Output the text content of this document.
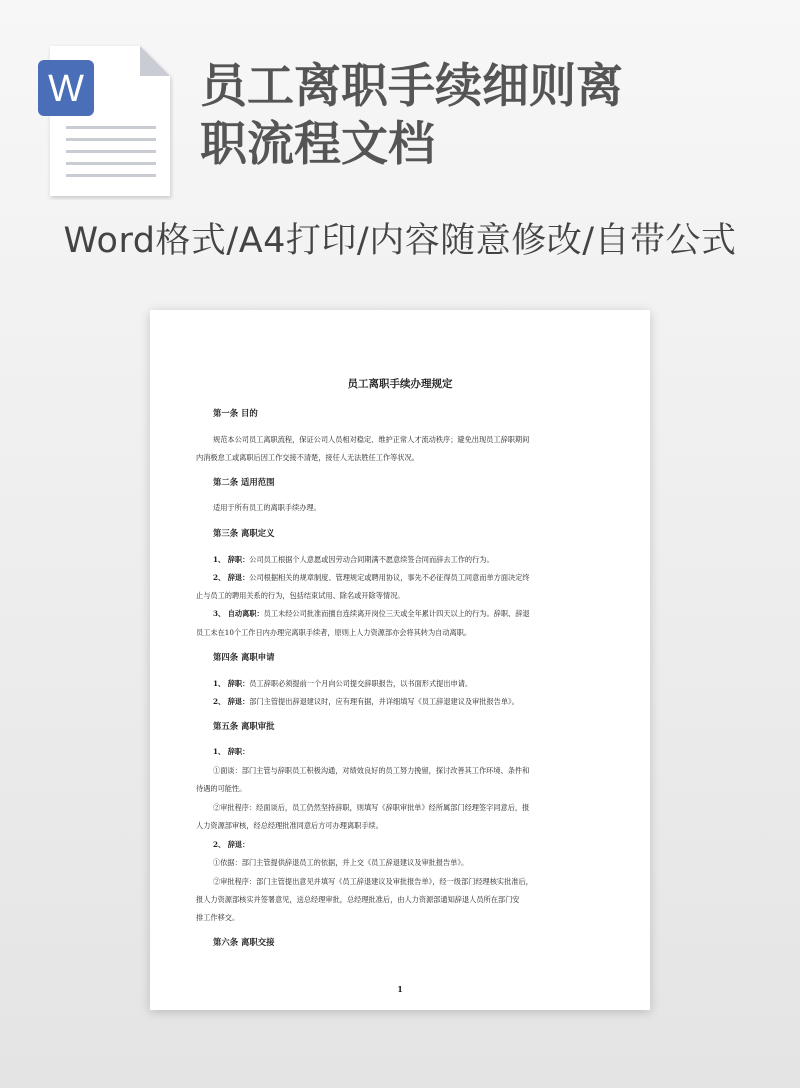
W 员工离职手续细则离
职流程文档
Word格式/A4打印/内容随意修改/自带公式
员工离职手续办理规定
第一条 目的
规范本公司员工离职流程，保证公司人员相对稳定、维护正常人才流动秩序；避免出现员工辞职期间
内消极怠工或离职后因工作交接不清楚，接任人无法胜任工作等状况。
第二条 适用范围
适用于所有员工的离职手续办理。
第三条 离职定义
1、 辞职：公司员工根据个人意愿或因劳动合同期满不愿意续签合同而辞去工作的行为。
2、 辞退：公司根据相关的规章制度、管理规定或聘用协议，事先不必征得员工同意而单方面决定终
止与员工的聘用关系的行为，包括结束试用、除名或开除等情况。
3、 自动离职：员工未经公司批准而擅自连续离开岗位三天或全年累计四天以上的行为。辞职、辞退
员工未在10个工作日内办理完离职手续者，原则上人力资源部亦会将其转为自动离职。
第四条 离职申请
1、 辞职：员工辞职必须提前一个月向公司提交辞职报告，以书面形式提出申请。
2、 辞退：部门主管提出辞退建议时，应有理有据，并详细填写《员工辞退建议及审批报告单》。
第五条 离职审批
1、 辞职：
①面谈：部门主管与辞职员工积极沟通，对绩效良好的员工努力挽留，探讨改善其工作环境、条件和
待遇的可能性。
②审批程序：经面谈后，员工仍然坚持辞职，则填写《辞职审批单》经所属部门经理签字同意后，报
人力资源部审核，经总经理批准同意后方可办理离职手续。
2、 辞退：
①依据：部门主管提供辞退员工的依据，并上交《员工辞退建议及审批报告单》。
②审批程序：部门主管提出意见并填写《员工辞退建议及审批报告单》，经一级部门经理核实批准后，
报人力资源部核实并签署意见，送总经理审批，总经理批准后，由人力资源部通知辞退人员所在部门安
排工作移交。
第六条 离职交接
1
